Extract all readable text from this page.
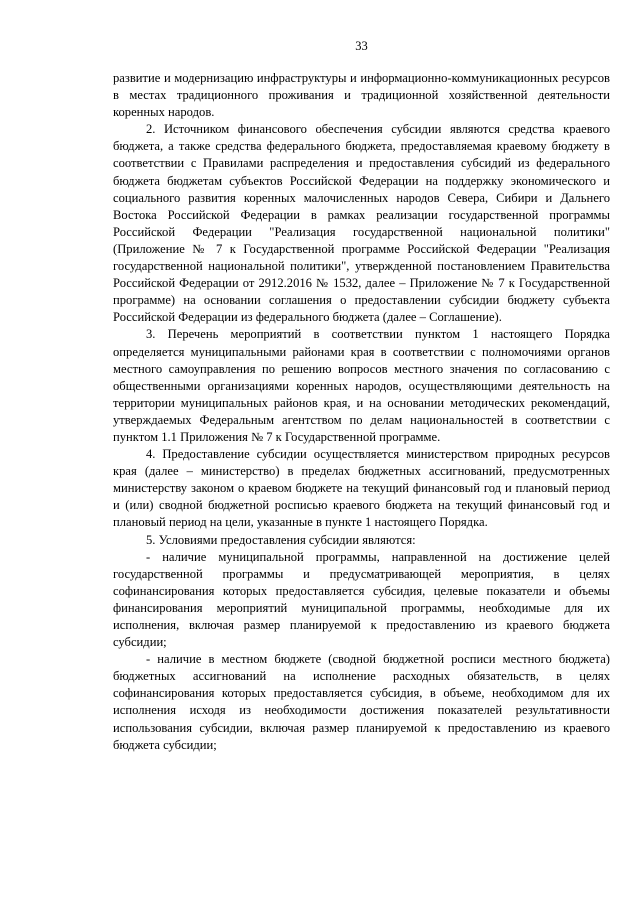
33

развитие и модернизацию инфраструктуры и информационно-коммуникационных ресурсов в местах традиционного проживания и традиционной хозяйственной деятельности коренных народов.

2. Источником финансового обеспечения субсидии являются средства краевого бюджета, а также средства федерального бюджета, предоставляемая краевому бюджету в соответствии с Правилами распределения и предоставления субсидий из федерального бюджета бюджетам субъектов Российской Федерации на поддержку экономического и социального развития коренных малочисленных народов Севера, Сибири и Дальнего Востока Российской Федерации в рамках реализации государственной программы Российской Федерации "Реализация государственной национальной политики" (Приложение № 7 к Государственной программе Российской Федерации "Реализация государственной национальной политики", утвержденной постановлением Правительства Российской Федерации от 2912.2016 № 1532, далее – Приложение № 7 к Государственной программе) на основании соглашения о предоставлении субсидии бюджету субъекта Российской Федерации из федерального бюджета (далее – Соглашение).

3. Перечень мероприятий в соответствии пунктом 1 настоящего Порядка определяется муниципальными районами края в соответствии с полномочиями органов местного самоуправления по решению вопросов местного значения по согласованию с общественными организациями коренных народов, осуществляющими деятельность на территории муниципальных районов края, и на основании методических рекомендаций, утверждаемых Федеральным агентством по делам национальностей в соответствии с пунктом 1.1 Приложения № 7 к Государственной программе.

4. Предоставление субсидии осуществляется министерством природных ресурсов края (далее – министерство) в пределах бюджетных ассигнований, предусмотренных министерству законом о краевом бюджете на текущий финансовый год и плановый период и (или) сводной бюджетной росписью краевого бюджета на текущий финансовый год и плановый период на цели, указанные в пункте 1 настоящего Порядка.

5. Условиями предоставления субсидии являются:

- наличие муниципальной программы, направленной на достижение целей государственной программы и предусматривающей мероприятия, в целях софинансирования которых предоставляется субсидия, целевые показатели и объемы финансирования мероприятий муниципальной программы, необходимые для их исполнения, включая размер планируемой к предоставлению из краевого бюджета субсидии;

- наличие в местном бюджете (сводной бюджетной росписи местного бюджета) бюджетных ассигнований на исполнение расходных обязательств, в целях софинансирования которых предоставляется субсидия, в объеме, необходимом для их исполнения исходя из необходимости достижения показателей результативности использования субсидии, включая размер планируемой к предоставлению из краевого бюджета субсидии;
